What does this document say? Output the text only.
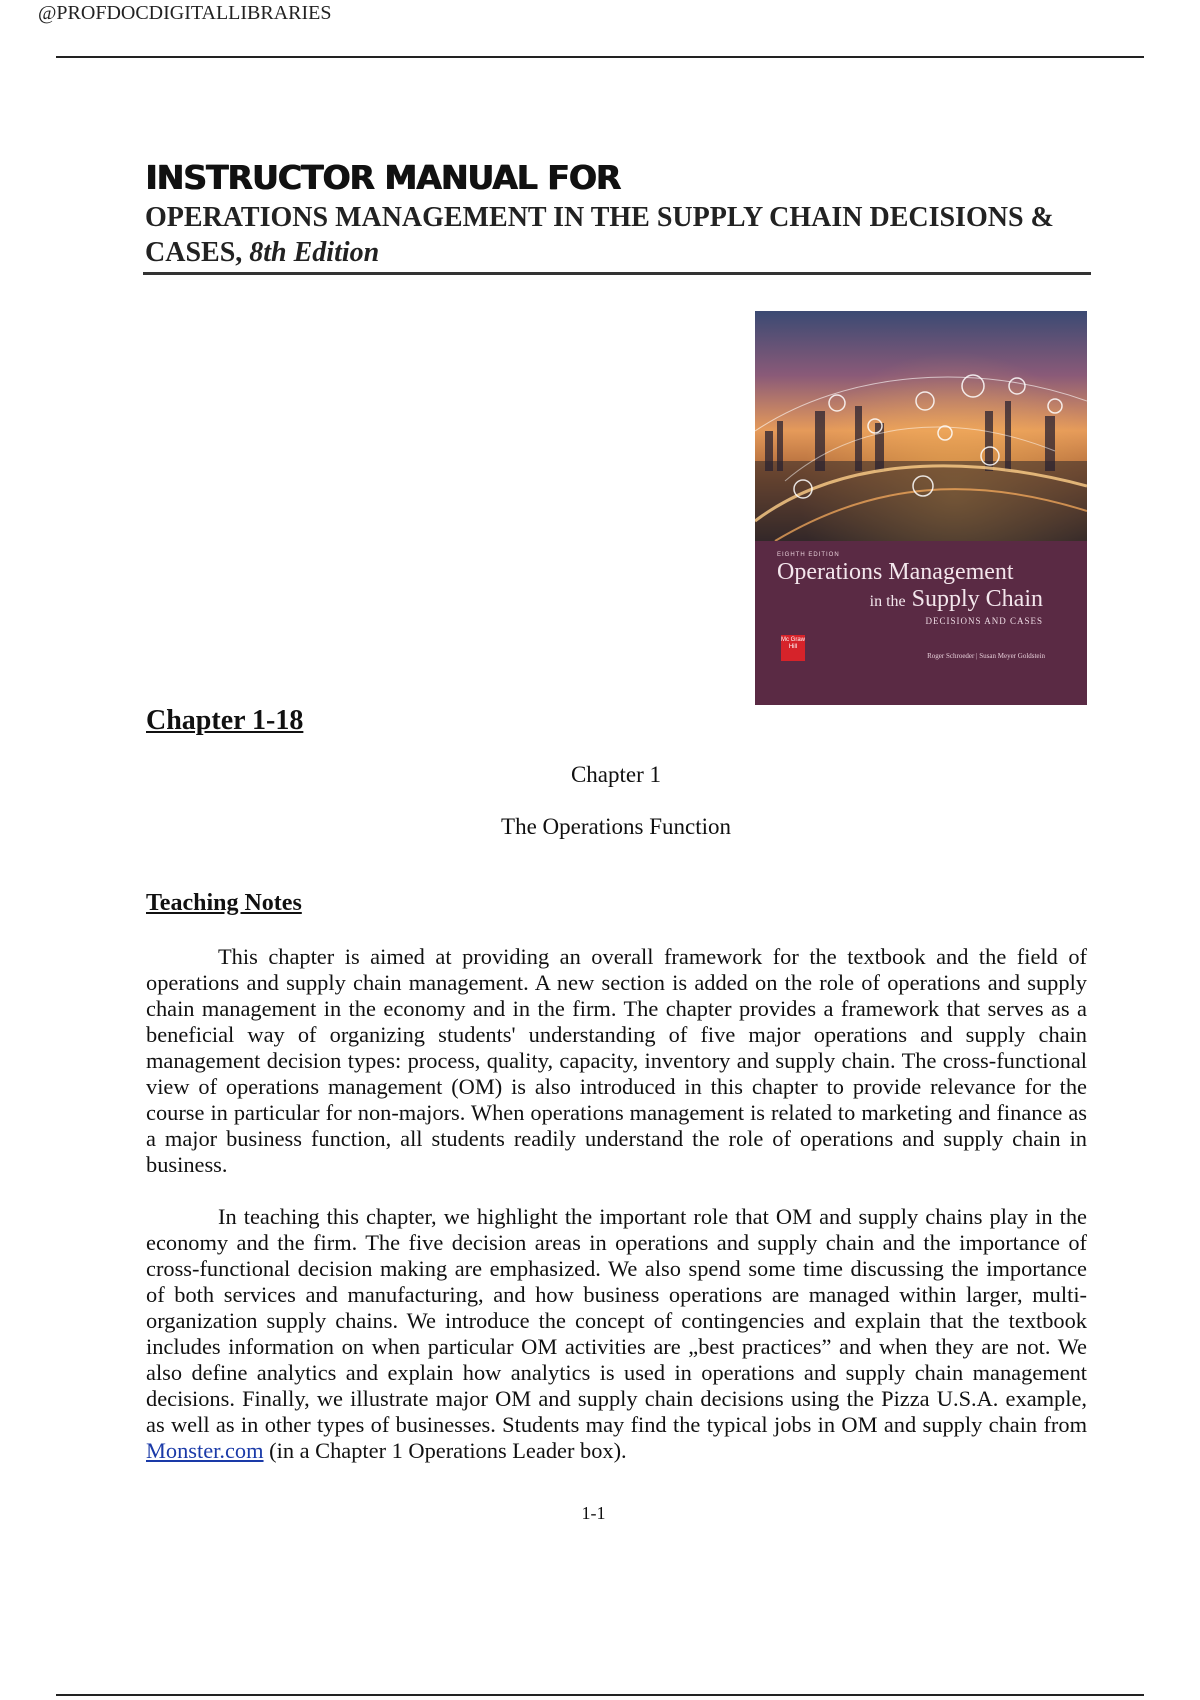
@PROFDOCDIGITALLIBRARIES
INSTRUCTOR MANUAL FOR
OPERATIONS MANAGEMENT IN THE SUPPLY CHAIN DECISIONS & CASES, 8th Edition
EIGHTH EDITION
Operations Management
in the Supply Chain
DECISIONS AND CASES
Mc Graw Hill
Roger Schroeder | Susan Meyer Goldstein
Chapter 1-18
Chapter 1
The Operations Function
Teaching Notes
This chapter is aimed at providing an overall framework for the textbook and the field of operations and supply chain management. A new section is added on the role of operations and supply chain management in the economy and in the firm. The chapter provides a framework that serves as a beneficial way of organizing students' understanding of five major operations and supply chain management decision types: process, quality, capacity, inventory and supply chain. The cross-functional view of operations management (OM) is also introduced in this chapter to provide relevance for the course in particular for non-majors. When operations management is related to marketing and finance as a major business function, all students readily understand the role of operations and supply chain in business.
In teaching this chapter, we highlight the important role that OM and supply chains play in the economy and the firm. The five decision areas in operations and supply chain and the importance of cross-functional decision making are emphasized. We also spend some time discussing the importance of both services and manufacturing, and how business operations are managed within larger, multi-organization supply chains. We introduce the concept of contingencies and explain that the textbook includes information on when particular OM activities are „best practices” and when they are not. We also define analytics and explain how analytics is used in operations and supply chain management decisions. Finally, we illustrate major OM and supply chain decisions using the Pizza U.S.A. example, as well as in other types of businesses. Students may find the typical jobs in OM and supply chain from Monster.com (in a Chapter 1 Operations Leader box).
1-1
